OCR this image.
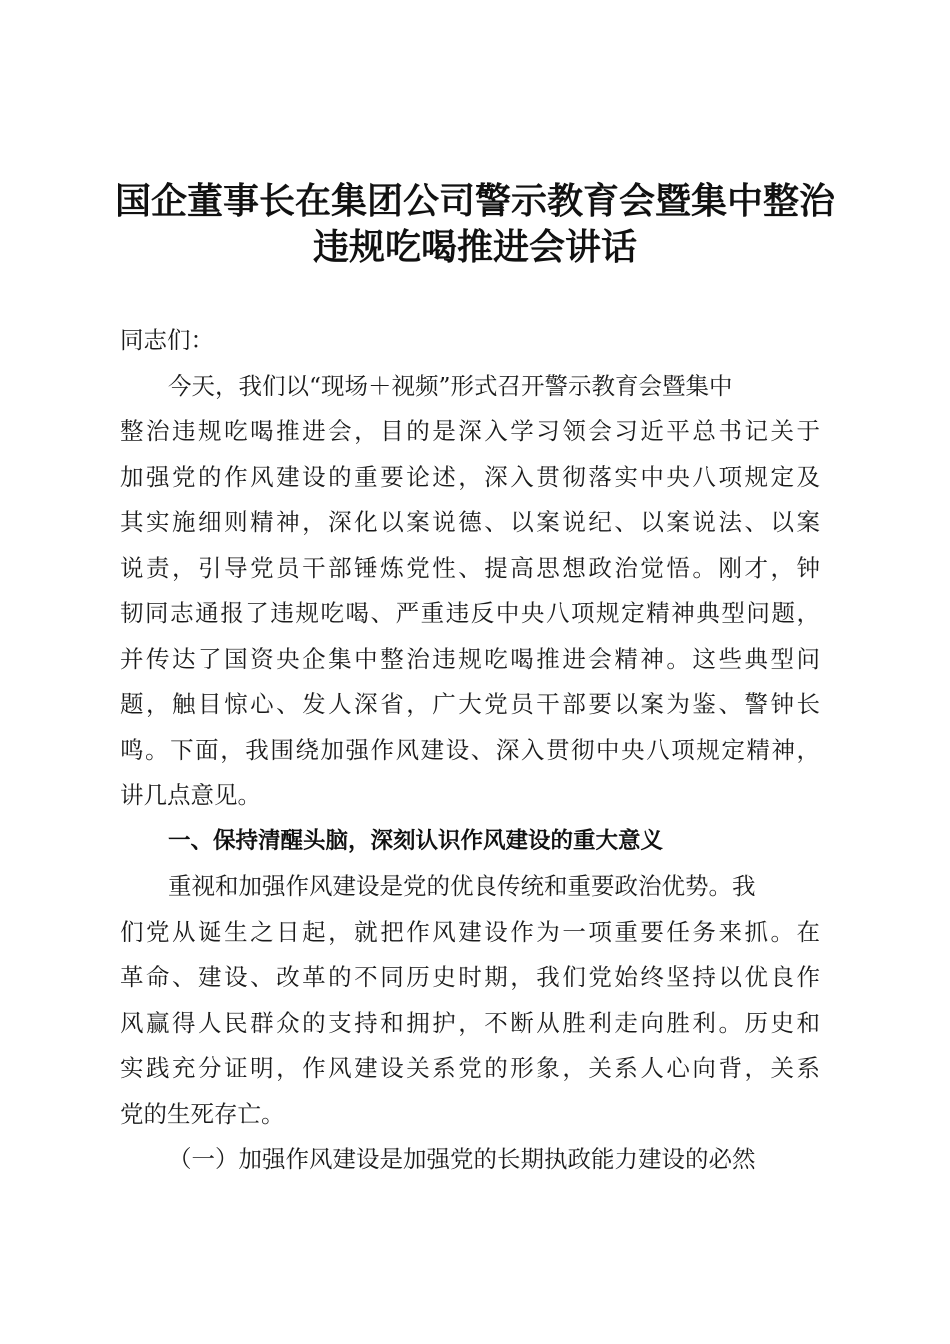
国企董事长在集团公司警示教育会暨集中整治
违规吃喝推进会讲话
同志们：
今天，我们以“现场＋视频”形式召开警示教育会暨集中
整治违规吃喝推进会，目的是深入学习领会习近平总书记关于
加强党的作风建设的重要论述，深入贯彻落实中央八项规定及
其实施细则精神，深化以案说德、以案说纪、以案说法、以案
说责，引导党员干部锤炼党性、提高思想政治觉悟。刚才，钟
韧同志通报了违规吃喝、严重违反中央八项规定精神典型问题，
并传达了国资央企集中整治违规吃喝推进会精神。这些典型问
题，触目惊心、发人深省，广大党员干部要以案为鉴、警钟长
鸣。下面，我围绕加强作风建设、深入贯彻中央八项规定精神，
讲几点意见。
一、保持清醒头脑，深刻认识作风建设的重大意义
重视和加强作风建设是党的优良传统和重要政治优势。我
们党从诞生之日起，就把作风建设作为一项重要任务来抓。在
革命、建设、改革的不同历史时期，我们党始终坚持以优良作
风赢得人民群众的支持和拥护，不断从胜利走向胜利。历史和
实践充分证明，作风建设关系党的形象，关系人心向背，关系
党的生死存亡。
（一）加强作风建设是加强党的长期执政能力建设的必然
